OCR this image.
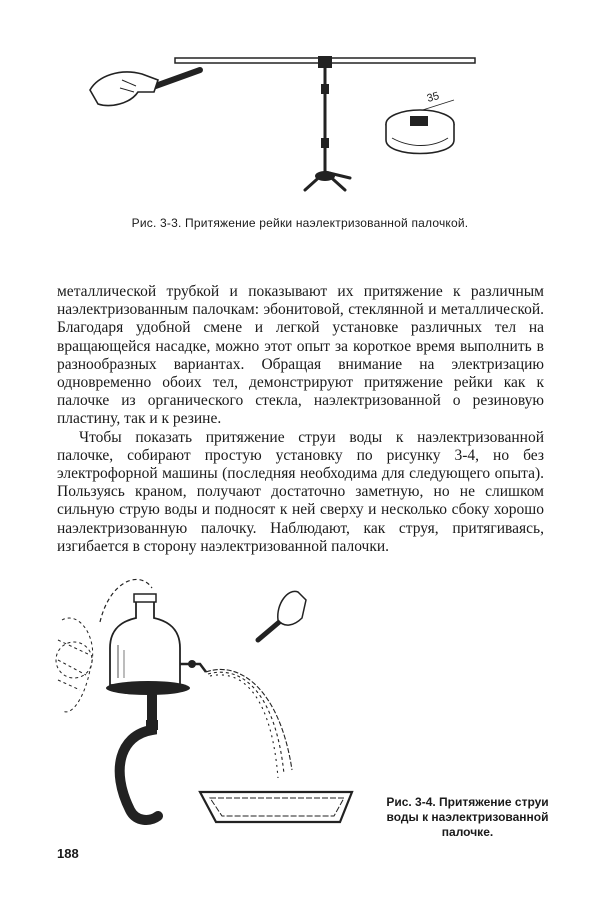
35
Рис. 3-3. Притяжение рейки наэлектризованной палочкой.

металлической трубкой и показывают их притяжение к различным наэлектризованным палочкам: эбонитовой, стеклянной и металлической. Благодаря удобной смене и легкой установке различных тел на вращающейся насадке, можно этот опыт за короткое время выполнить в разнообразных вариантах. Обращая внимание на электризацию одновременно обоих тел, демонстрируют притяжение рейки как к палочке из органического стекла, наэлектризованной о резиновую пластину, так и к резине.

Чтобы показать притяжение струи воды к наэлектризованной палочке, собирают простую установку по рисунку 3-4, но без электрофорной машины (последняя необходима для следующего опыта). Пользуясь краном, получают достаточно заметную, но не слишком сильную струю воды и подносят к ней сверху и несколько сбоку хорошо наэлектризованную палочку. Наблюдают, как струя, притягиваясь, изгибается в сторону наэлектризованной палочки.

Рис. 3-4. Притяжение струи воды к наэлектризованной палочке.
188
